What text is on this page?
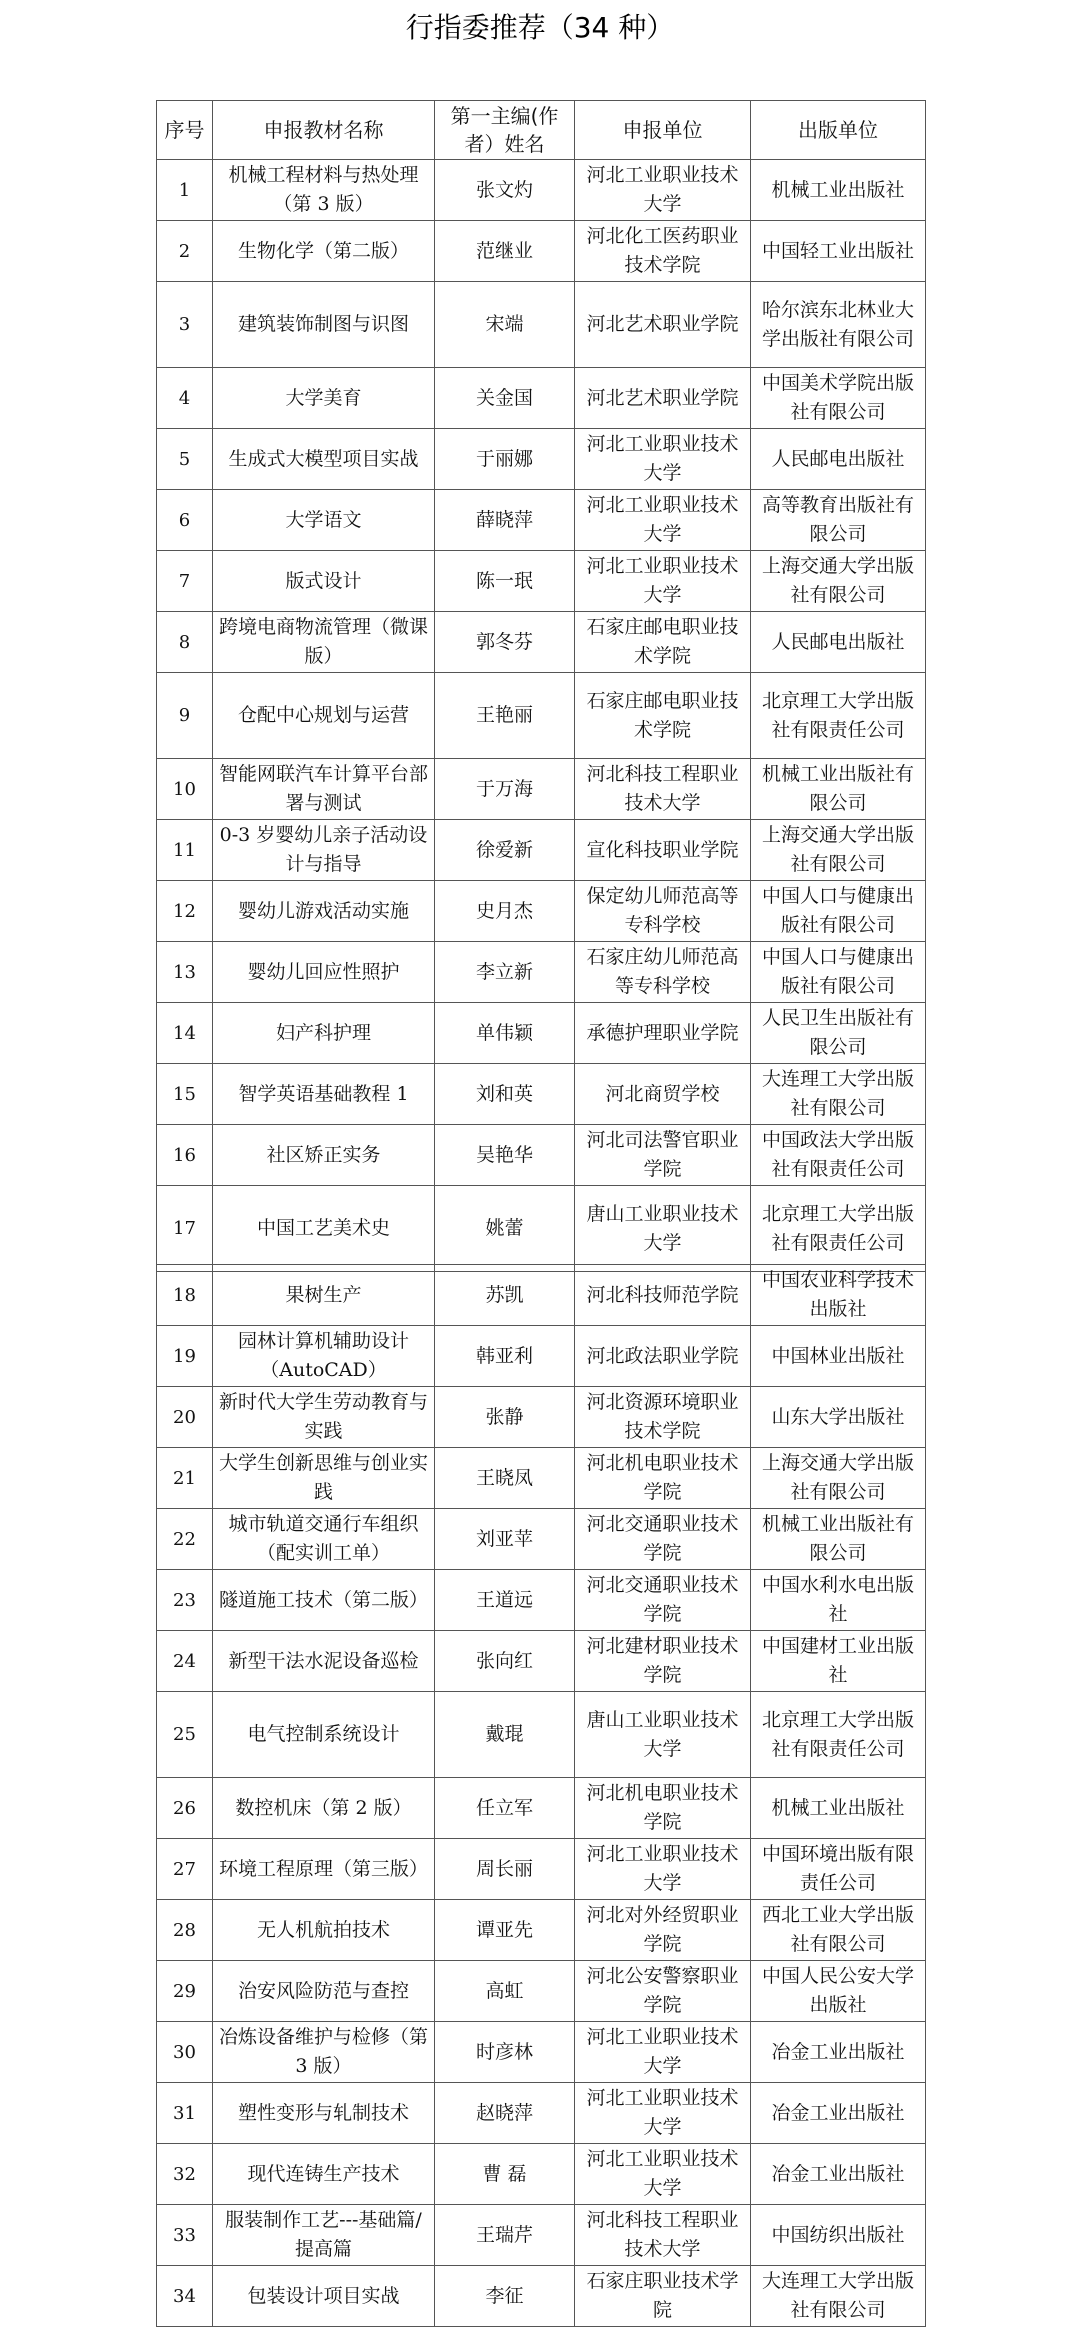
行指委推荐（34 种）
序号	申报教材名称	第一主编(作者）姓名	申报单位	出版单位
1	机械工程材料与热处理（第 3 版）	张文灼	河北工业职业技术大学	机械工业出版社
2	生物化学（第二版）	范继业	河北化工医药职业技术学院	中国轻工业出版社
3	建筑装饰制图与识图	宋端	河北艺术职业学院	哈尔滨东北林业大学出版社有限公司
4	大学美育	关金国	河北艺术职业学院	中国美术学院出版社有限公司
5	生成式大模型项目实战	于丽娜	河北工业职业技术大学	人民邮电出版社
6	大学语文	薛晓萍	河北工业职业技术大学	高等教育出版社有限公司
7	版式设计	陈一珉	河北工业职业技术大学	上海交通大学出版社有限公司
8	跨境电商物流管理（微课版）	郭冬芬	石家庄邮电职业技术学院	人民邮电出版社
9	仓配中心规划与运营	王艳丽	石家庄邮电职业技术学院	北京理工大学出版社有限责任公司
10	智能网联汽车计算平台部署与测试	于万海	河北科技工程职业技术大学	机械工业出版社有限公司
11	0-3 岁婴幼儿亲子活动设计与指导	徐爱新	宣化科技职业学院	上海交通大学出版社有限公司
12	婴幼儿游戏活动实施	史月杰	保定幼儿师范高等专科学校	中国人口与健康出版社有限公司
13	婴幼儿回应性照护	李立新	石家庄幼儿师范高等专科学校	中国人口与健康出版社有限公司
14	妇产科护理	单伟颖	承德护理职业学院	人民卫生出版社有限公司
15	智学英语基础教程 1	刘和英	河北商贸学校	大连理工大学出版社有限公司
16	社区矫正实务	吴艳华	河北司法警官职业学院	中国政法大学出版社有限责任公司
17	中国工艺美术史	姚蕾	唐山工业职业技术大学	北京理工大学出版社有限责任公司
18	果树生产	苏凯	河北科技师范学院	中国农业科学技术出版社
19	园林计算机辅助设计（AutoCAD）	韩亚利	河北政法职业学院	中国林业出版社
20	新时代大学生劳动教育与实践	张静	河北资源环境职业技术学院	山东大学出版社
21	大学生创新思维与创业实践	王晓凤	河北机电职业技术学院	上海交通大学出版社有限公司
22	城市轨道交通行车组织（配实训工单）	刘亚苹	河北交通职业技术学院	机械工业出版社有限公司
23	隧道施工技术（第二版）	王道远	河北交通职业技术学院	中国水利水电出版社
24	新型干法水泥设备巡检	张向红	河北建材职业技术学院	中国建材工业出版社
25	电气控制系统设计	戴琨	唐山工业职业技术大学	北京理工大学出版社有限责任公司
26	数控机床（第 2 版）	任立军	河北机电职业技术学院	机械工业出版社
27	环境工程原理（第三版）	周长丽	河北工业职业技术大学	中国环境出版有限责任公司
28	无人机航拍技术	谭亚先	河北对外经贸职业学院	西北工业大学出版社有限公司
29	治安风险防范与查控	高虹	河北公安警察职业学院	中国人民公安大学出版社
30	冶炼设备维护与检修（第 3 版）	时彦林	河北工业职业技术大学	冶金工业出版社
31	塑性变形与轧制技术	赵晓萍	河北工业职业技术大学	冶金工业出版社
32	现代连铸生产技术	曹 磊	河北工业职业技术大学	冶金工业出版社
33	服装制作工艺---基础篇/提高篇	王瑞芹	河北科技工程职业技术大学	中国纺织出版社
34	包装设计项目实战	李征	石家庄职业技术学院	大连理工大学出版社有限公司
